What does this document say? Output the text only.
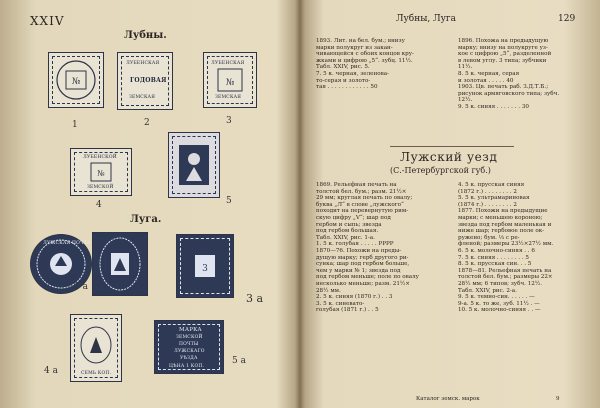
XXIV
Лубны.
№
1
ЛУБЕНСКАЯ
ГОДОВАЯ
ЗЕМСКАЯ
2
ЛУБЕНСКАЯ
№
ЗЕМСКАЯ
3
ЛУБЕНСКОЙ
№
ЗЕМСКОЙ
4	5
Луга.
ЛУЖСКАЯ ПОЧТА
1 a
3
3 a
СЕМЬ КОП.
4 a
МАРКА
ЗЕМСКОЙ
ПОЧТЫ
ЛУЖСКАГО
УѢЗДА
ЦѢНА 1 КОП.
5 a
Лубны, Луга	129
1893. Лит. на бел. бум.; внизу
марки полукруг из закан-
чивающейся с обоих концов кру-
жками и цифрою „5“. зубц. 11½.
Табл. XXIV, рис. 5.
7. 5 к. черная, зеленова-
то-серая и золото-
тая . . . . . . . . . . . . 50
1896. Похожа на предыдущую
марку; внизу на полукруге уз-
кое с цифрою „5“, разделенной
в левом углу. 3 типа; зубчики
11½.
8. 5 к. черная, серая
и золотая . . . . . 40
1903. Цв. печать раб. З.Д.Т.Б.;
рисунок армяговского типа; зубч.
12½.
9. 5 к. синяя . . . . . . . 30
Лужский уезд
(С.-Петербургской губ.)
1869. Рельефная печать на
толстой бел. бум.; разм. 21½×
29 мм; круглая печать по овалу;
буква „Л“ в слове „лужского“
походит на перевернутую рим-
скую цифру „V“; шар под
гербом и сыпь; звезда
под гербом большая.
Табл. XXIV, рис. 1-а.
1. 5 к. голубая . . . . . РРРР
1870—76. Похожи на преды-
дущую марку; герб другого ри-
сунка; шар под гербом больше,
чем у марки № 1; звезда под
под гербом меньше; поле по овалу
несколько меньше; разм. 21½×
28½ мм.
2. 5 к. синяя (1870 г.) . . 3
3. 5 к. синевато-
голубая (1871 г.) . . 5
4. 5 к. прусская синяя
(1872 г.) . . . . . . . . 2
5. 5 к. ультрамариновая
(1874 г.) . . . . . . . . 2
1877. Похожи на предыдущие
марки; с меньшею короною;
звезда под гербом маленькая и
ниже шар; гербовое поле ок-
ружено; бум. ⅓ с ре-
фленой; размеры 23½×27½ мм.
6. 5 к. молочно-синяя . . 6
7. 5 к. синяя . . . . . . . . 5
8. 5 к. прусская син. . . 5
1878—81. Рельефная печать на
толстой бел. бум.; размеры 22×
28½ мм; 6 типов; зубч. 12½.
Табл. XXIV, рис. 2-а.
9. 5 к. темно-син. . . . . . —
9-а. 5 к. то же, зуб. 11½ . —
10. 5 к. молочно-синяя . . —
Каталог земск. марок	9
